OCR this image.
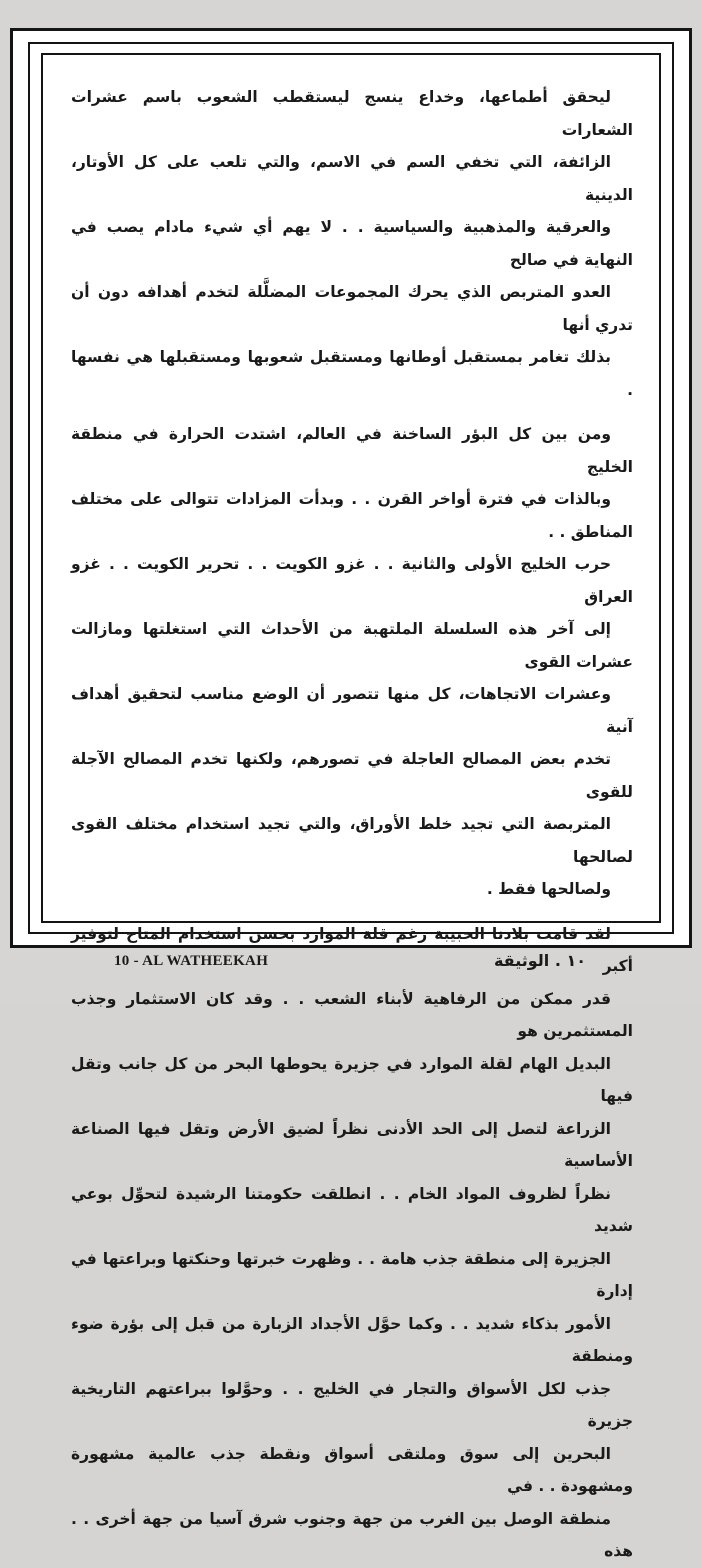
ليحقق أطماعها، وخداع ينسج ليستقطب الشعوب باسم عشرات الشعارات
الزائفة، التي تخفي السم في الاسم، والتي تلعب على كل الأوتار، الدينية
والعرقية والمذهبية والسياسية . . لا يهم أي شيء مادام يصب في النهاية في صالح
العدو المتربص الذي يحرك المجموعات المضلَّلة لتخدم أهدافه دون أن تدري أنها
بذلك تغامر بمستقبل أوطانها ومستقبل شعوبها ومستقبلها هي نفسها .

ومن بين كل البؤر الساخنة في العالم، اشتدت الحرارة في منطقة الخليج
وبالذات في فترة أواخر القرن . . وبدأت المزادات تتوالى على مختلف المناطق . .
حرب الخليج الأولى والثانية . . غزو الكويت . . تحرير الكويت . . غزو العراق
إلى آخر هذه السلسلة الملتهبة من الأحداث التي استغلتها ومازالت عشرات القوى
وعشرات الاتجاهات، كل منها تتصور أن الوضع مناسب لتحقيق أهداف آنية
تخدم بعض المصالح العاجلة في تصورهم، ولكنها تخدم المصالح الآجلة للقوى
المتربصة التي تجيد خلط الأوراق، والتي تجيد استخدام مختلف القوى لصالحها
ولصالحها فقط .

لقد قامت بلادنا الحبيبة رغم قلة الموارد بحسن استخدام المتاح لتوفير أكبر
قدر ممكن من الرفاهية لأبناء الشعب . . وقد كان الاستثمار وجذب المستثمرين هو
البديل الهام لقلة الموارد في جزيرة يحوطها البحر من كل جانب وتقل فيها
الزراعة لتصل إلى الحد الأدنى نظراً لضيق الأرض وتقل فيها الصناعة الأساسية
نظراً لظروف المواد الخام . . انطلقت حكومتنا الرشيدة لتحوِّل بوعي شديد
الجزيرة إلى منطقة جذب هامة . . وظهرت خبرتها وحنكتها وبراعتها في إدارة
الأمور بذكاء شديد . . وكما حوَّل الأجداد الزبارة من قبل إلى بؤرة ضوء ومنطقة
جذب لكل الأسواق والتجار في الخليج . . وحوَّلوا ببراعتهم التاريخية جزيرة
البحرين إلى سوق وملتقى أسواق ونقطة جذب عالمية مشهورة ومشهودة . . في
منطقة الوصل بين الغرب من جهة وجنوب شرق آسيا من جهة أخرى . . هذه

10 - AL WATHEEKAH	١٠ . الوثيقة
